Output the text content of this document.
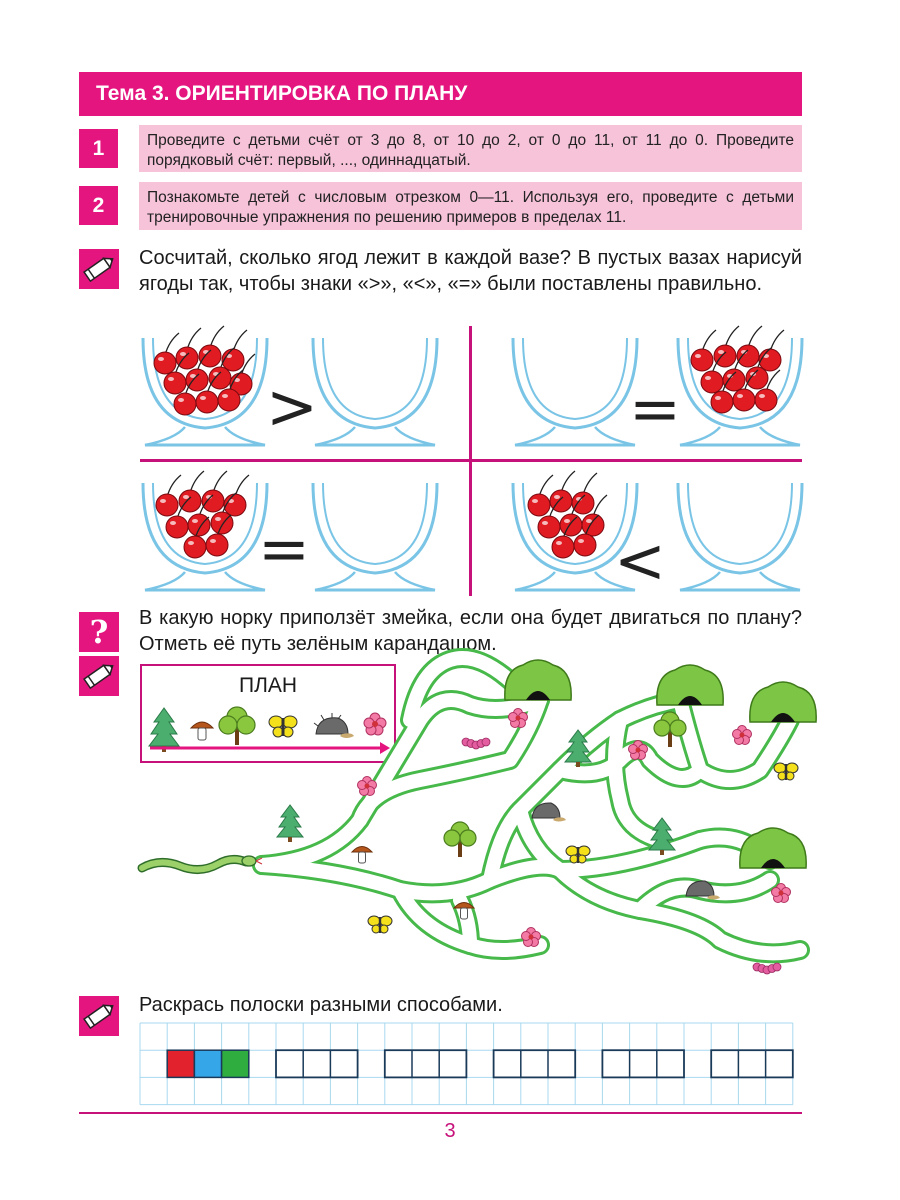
Тема 3. ОРИЕНТИРОВКА ПО ПЛАНУ
1	Проведите с детьми счёт от 3 до 8, от 10 до 2, от 0 до 11, от 11 до 0. Проведите порядковый счёт: первый, ..., одиннадцатый.
2	Познакомьте детей с числовым отрезком 0—11. Используя его, проведите с детьми тренировочные упражнения по решению примеров в пределах 11.
Сосчитай, сколько ягод лежит в каждой вазе? В пустых вазах нарисуй ягоды так, чтобы знаки «>», «<», «=» были поставлены правильно.
>	=
=	<
?	В какую норку приползёт змейка, если она будет двигаться по плану? Отметь её путь зелёным карандашом.
ПЛАН
Раскрась полоски разными способами.
3
